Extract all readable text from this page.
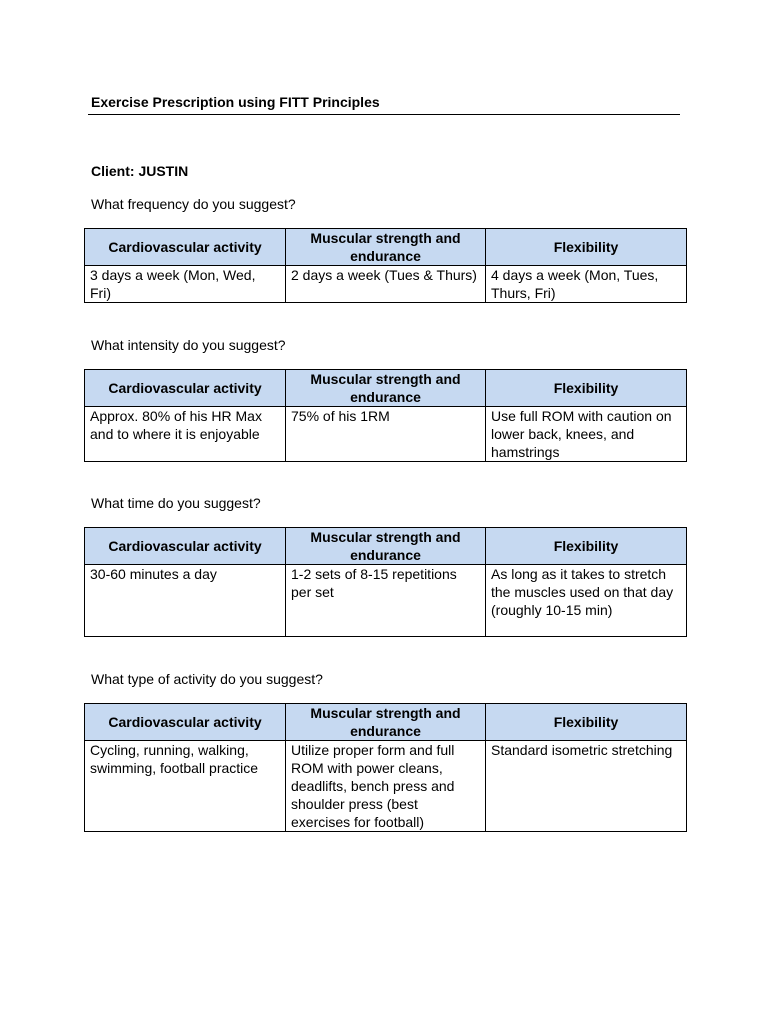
Exercise Prescription using FITT Principles
Client: JUSTIN
What frequency do you suggest?
Cardiovascular activity	Muscular strength and endurance	Flexibility
3 days a week (Mon, Wed, Fri)	2 days a week (Tues & Thurs)	4 days a week (Mon, Tues, Thurs, Fri)
What intensity do you suggest?
Cardiovascular activity	Muscular strength and endurance	Flexibility
Approx. 80% of his HR Max and to where it is enjoyable	75% of his 1RM	Use full ROM with caution on lower back, knees, and hamstrings
What time do you suggest?
Cardiovascular activity	Muscular strength and endurance	Flexibility
30-60 minutes a day	1-2 sets of 8-15 repetitions per set	As long as it takes to stretch the muscles used on that day (roughly 10-15 min)
What type of activity do you suggest?
Cardiovascular activity	Muscular strength and endurance	Flexibility
Cycling, running, walking, swimming, football practice	Utilize proper form and full ROM with power cleans, deadlifts, bench press and shoulder press (best exercises for football)	Standard isometric stretching
